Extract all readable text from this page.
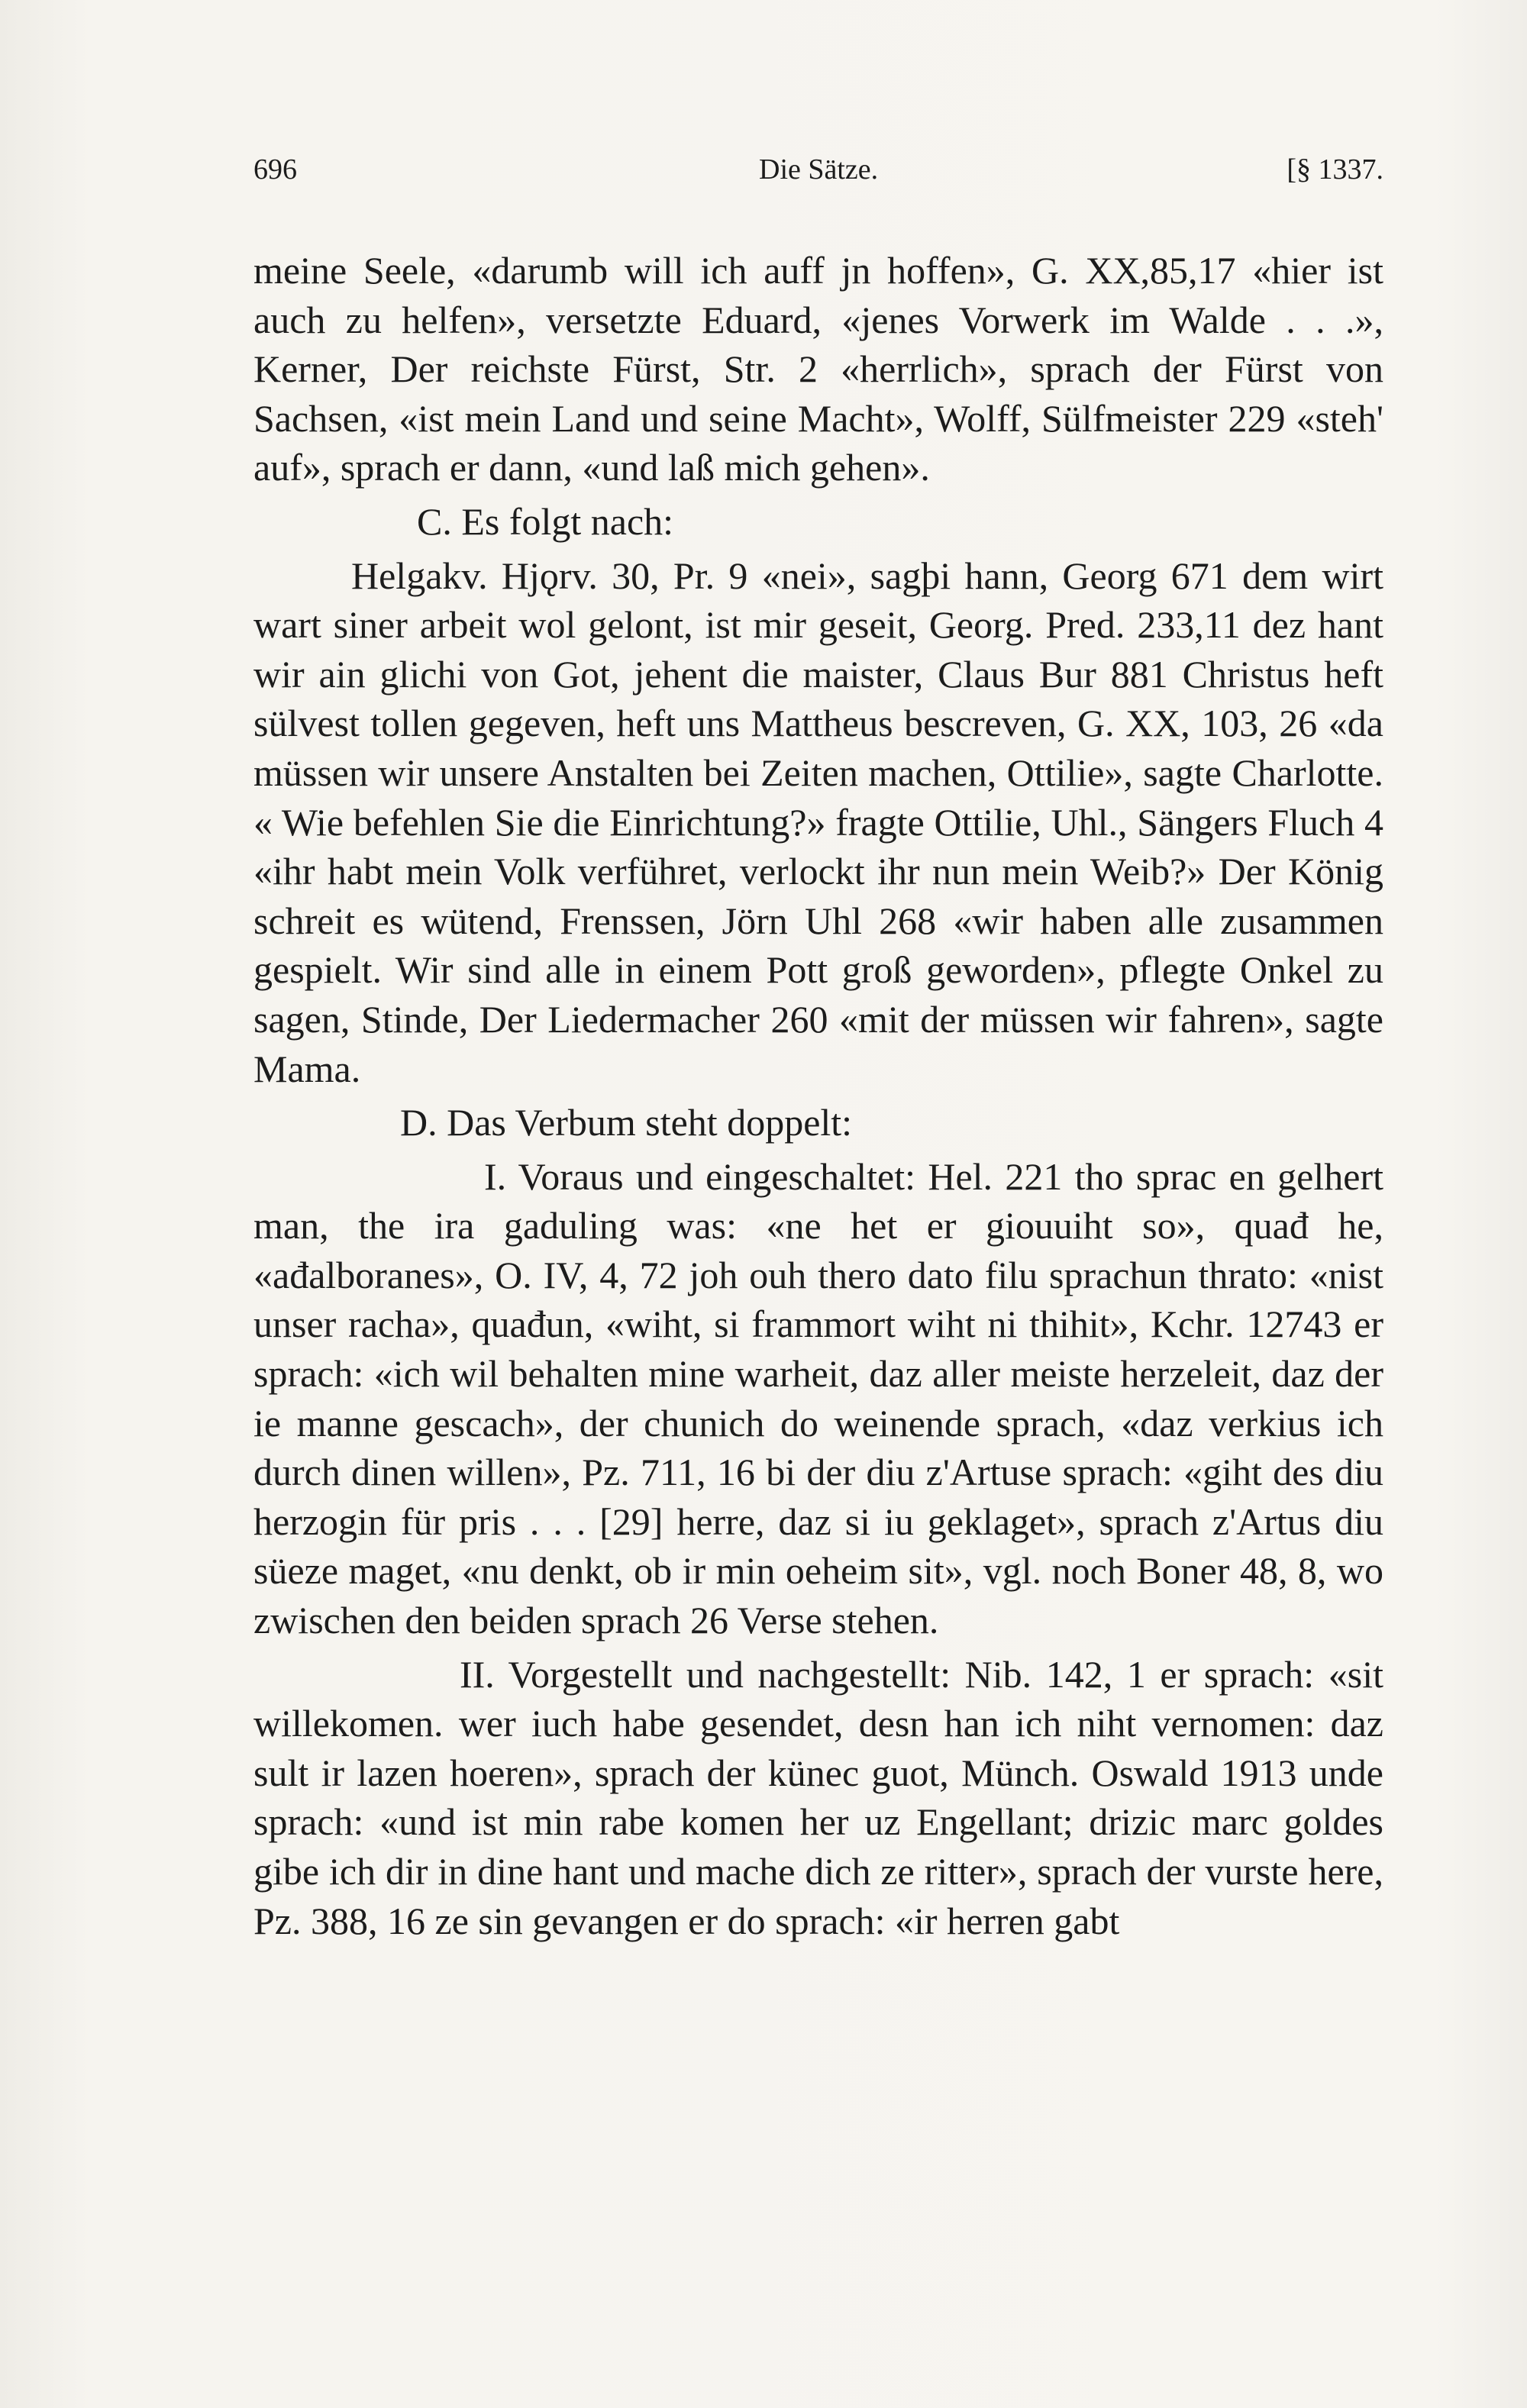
696	Die Sätze.	[§ 1337.

meine Seele, «darumb will ich auff jn hoffen», G. XX,85,17 «hier ist auch zu helfen», versetzte Eduard, «jenes Vorwerk im Walde . . .», Kerner, Der reichste Fürst, Str. 2 «herrlich», sprach der Fürst von Sachsen, «ist mein Land und seine Macht», Wolff, Sülfmeister 229 «steh' auf», sprach er dann, «und laß mich gehen».

C. Es folgt nach:

Helgakv. Hjǫrv. 30, Pr. 9 «nei», sagþi hann, Georg 671 dem wirt wart siner arbeit wol gelont, ist mir geseit, Georg. Pred. 233,11 dez hant wir ain glichi von Got, jehent die maister, Claus Bur 881 Christus heft sülvest tollen gegeven, heft uns Mattheus bescreven, G. XX, 103, 26 «da müssen wir unsere Anstalten bei Zeiten machen, Ottilie», sagte Charlotte. « Wie befehlen Sie die Einrichtung?» fragte Ottilie, Uhl., Sängers Fluch 4 «ihr habt mein Volk verführet, verlockt ihr nun mein Weib?» Der König schreit es wütend, Frenssen, Jörn Uhl 268 «wir haben alle zusammen gespielt. Wir sind alle in einem Pott groß geworden», pflegte Onkel zu sagen, Stinde, Der Liedermacher 260 «mit der müssen wir fahren», sagte Mama.

D. Das Verbum steht doppelt:

I. Voraus und eingeschaltet: Hel. 221 tho sprac en gelhert man, the ira gaduling was: «ne het er giouuiht so», quađ he, «ađalboranes», O. IV, 4, 72 joh ouh thero dato filu sprachun thrato: «nist unser racha», quađun, «wiht, si frammort wiht ni thihit», Kchr. 12743 er sprach: «ich wil behalten mine warheit, daz aller meiste herzeleit, daz der ie manne gescach», der chunich do weinende sprach, «daz verkius ich durch dinen willen», Pz. 711, 16 bi der diu z'Artuse sprach: «giht des diu herzogin für pris . . . [29] herre, daz si iu geklaget», sprach z'Artus diu süeze maget, «nu denkt, ob ir min oeheim sit», vgl. noch Boner 48, 8, wo zwischen den beiden sprach 26 Verse stehen.

II. Vorgestellt und nachgestellt: Nib. 142, 1 er sprach: «sit willekomen. wer iuch habe gesendet, desn han ich niht vernomen: daz sult ir lazen hoeren», sprach der künec guot, Münch. Oswald 1913 unde sprach: «und ist min rabe komen her uz Engellant; drizic marc goldes gibe ich dir in dine hant und mache dich ze ritter», sprach der vurste here, Pz. 388, 16 ze sin gevangen er do sprach: «ir herren gabt
